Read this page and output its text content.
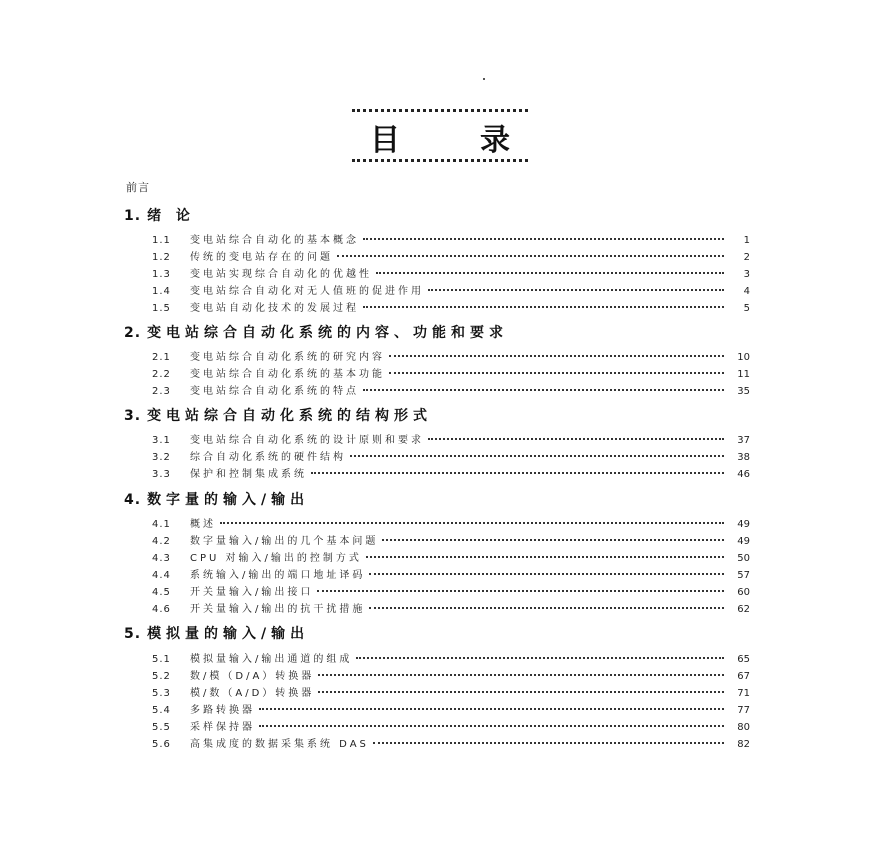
目	录
前言
1. 绪 论
1.1	变电站综合自动化的基本概念	1
1.2	传统的变电站存在的问题	2
1.3	变电站实现综合自动化的优越性	3
1.4	变电站综合自动化对无人值班的促进作用	4
1.5	变电站自动化技术的发展过程	5
2. 变电站综合自动化系统的内容、功能和要求
2.1	变电站综合自动化系统的研究内容	10
2.2	变电站综合自动化系统的基本功能	11
2.3	变电站综合自动化系统的特点	35
3. 变电站综合自动化系统的结构形式
3.1	变电站综合自动化系统的设计原则和要求	37
3.2	综合自动化系统的硬件结构	38
3.3	保护和控制集成系统	46
4. 数字量的输入/输出
4.1	概述	49
4.2	数字量输入/输出的几个基本问题	49
4.3	CPU 对输入/输出的控制方式	50
4.4	系统输入/输出的端口地址译码	57
4.5	开关量输入/输出接口	60
4.6	开关量输入/输出的抗干扰措施	62
5. 模拟量的输入/输出
5.1	模拟量输入/输出通道的组成	65
5.2	数/模（D/A）转换器	67
5.3	模/数（A/D）转换器	71
5.4	多路转换器	77
5.5	采样保持器	80
5.6	高集成度的数据采集系统 DAS	82
